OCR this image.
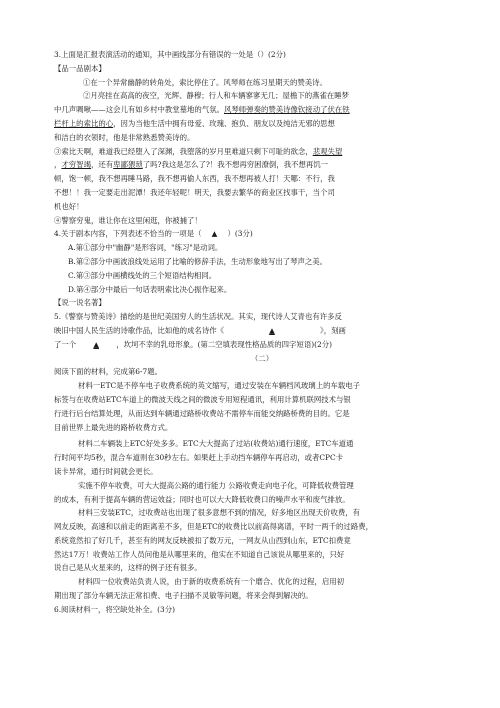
3.上面是汇报表演活动的通知，其中画线部分有错误的一处是（）(2分)
【品一品剧本】
①在一个异常幽静的转角处，索比停住了。风琴师在练习星期天的赞美诗。
②月亮挂在高高的夜空，光辉、静穆；行人和车辆寥寥无几；屋檐下的燕雀在睡梦
中几声啁啾——这会儿有如乡村中教堂墓地的气氛。风琴师弹奏的赞美诗像钦接动了伏在铁
栏杆上的索比的心，因为当他生活中拥有母爱、玫瑰、抱负、朋友以及纯洁无邪的思想
和洁白的衣领时，他是非常熟悉赞美诗的。
③索比天啊，难道我已经堕入了深渊，我堕落的岁月里难道只剩下可耻的欲念，悲观失望
，才穷智竭，还有卑鄙猥琐了吗?我这是怎么了?！我不想再穷困潦倒，我不想再饥一
顿，饱一顿，我不想再睡马路，我不想再偷人东西，我不想再被人打！天哪：不行，我
不想！！我一定要走出泥潭！我还年轻呢！明天，我要去繁华的商业区找事干，当个司
机也好！
④警察穷鬼，谁让你在这里闲逛，你被捕了！
4.关于剧本内容，下列表述不恰当的一项是（ ▲ ）(3分)
A.第①部分中"幽静"是形容词，"练习"是动词。
B.第②部分中画波浪线处运用了比喻的修辞手法，生动形象地写出了琴声之美。
C.第③部分中画横线处的三个短语结构相同。
D.第④部分中最后一句话表明索比决心振作起来。
【说一说名著】
5.《警察与赞美诗》描绘的是世纪美国穷人的生活状况。其实，现代诗人艾青也有许多反
映旧中国人民生活的诗歌作品，比如他的成名诗作《	▲	》，刻画
了一个 ▲ ，坎坷不幸的乳母形象。(第二空填表现性格品质的四字短语)(2分)
（二）
阅读下面的材料，完成第6-7题。
材料一ETC是不停车电子收费系统的英文缩写，通过安装在车辆档风玻璃上的车载电子
标签与在收费站ETC车道上的微波天线之间的微波专用短程通讯，利用计算机联网技术与银
行进行后台结算处理，从而达到车辆通过路桥收费站不需停车而能交纳路桥费的目的。它是
目前世界上最先进的路桥收费方式。
材料二车辆装上ETC好处多多。ETC大大提高了过站(收费站)通行速度，ETC车道通
行时间平均5秒，混合车道则在30秒左右。如果赶上手动挡车辆停车再启动，或者CPC卡
读卡异常，通行时间就会更长。
实施不停车收费，可大大提高公路的通行能力 公路收费走向电子化，可降低收费管理
的成本，有利于提高车辆的营运效益；同时也可以大大降低收费口的噪声水平和废气排放。
材料三安装ETC，过收费站也出现了很多意想不到的情况，好多地区出现天价收费，有
网友反映，高速和以前走的距离差不多，但是ETC的收费比以前高得离谱，平时一两千的过路费，
系统竟然扣了好几千，甚至有的网友反映被扣了数万元，一网友从山西到山东，ETC扣费竟
然达17万！收费站工作人员问他是从哪里来的，他实在不知道自己该说从哪里来的，只好
说自己是从火星来的，这样的例子还有很多。
材料四一位收费站负责人说，由于新的收费系统有一个磨合、优化的过程，启用初
期出现了部分车辆无法正常扣费、电子扫描不灵敏等问题，将来会得到解决的。
6.阅读材料一，将空缺处补全。(3分)
